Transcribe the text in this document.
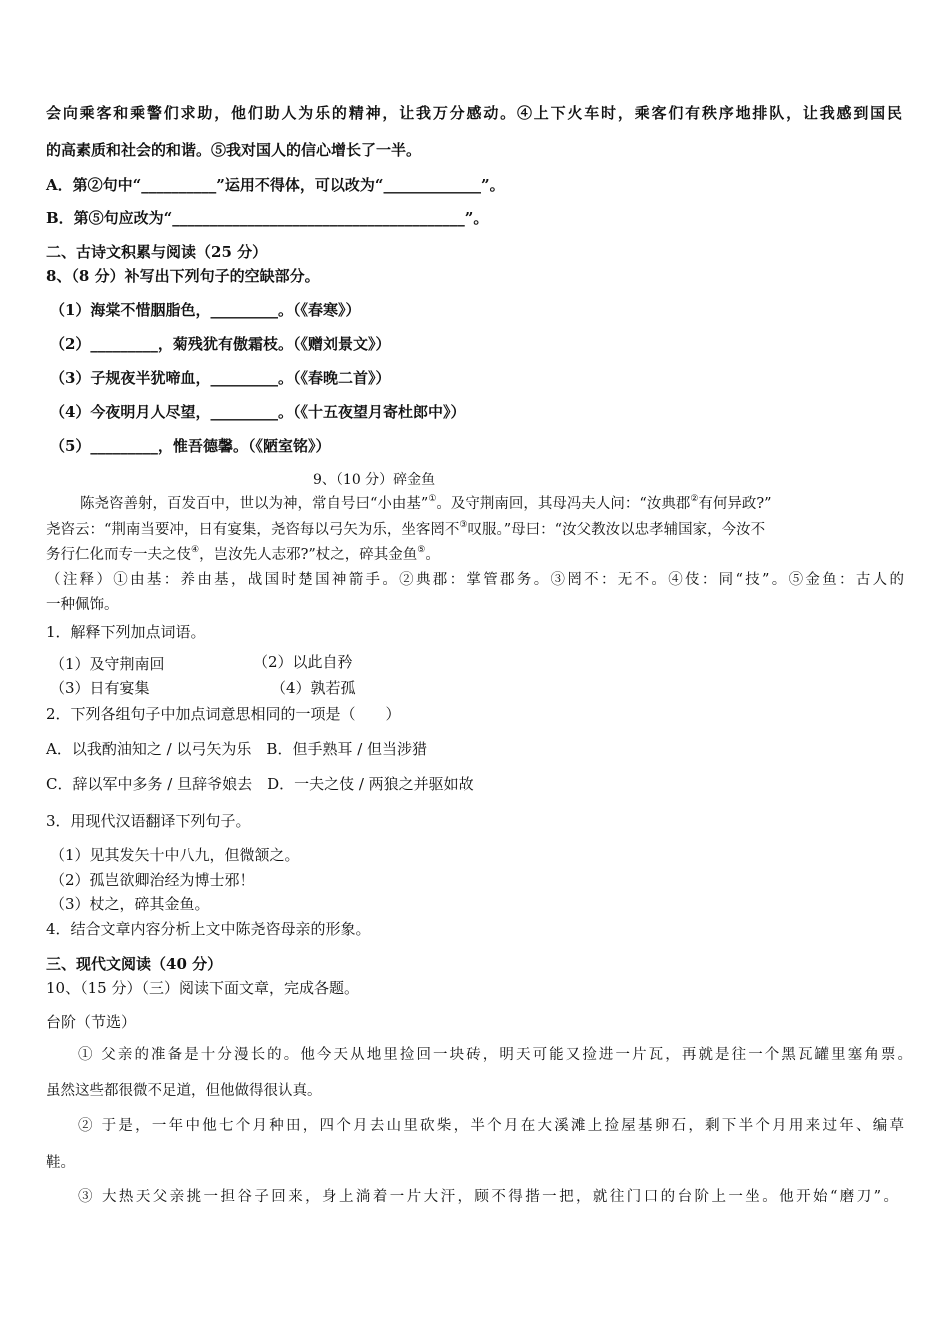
会向乘客和乘警们求助，他们助人为乐的精神，让我万分感动。④上下火车时，乘客们有秩序地排队，让我感到国民
的高素质和社会的和谐。⑤我对国人的信心增长了一半。
A．第②句中“__________”运用不得体，可以改为“_____________”。
B．第⑤句应改为“_______________________________________”。
二、古诗文积累与阅读（25 分）
8、（8 分）补写出下列句子的空缺部分。
（1）海棠不惜胭脂色，_________。（《春寒》）
（2）_________，菊残犹有傲霜枝。（《赠刘景文》）
（3）子规夜半犹啼血，_________。（《春晚二首》）
（4）今夜明月人尽望，_________。（《十五夜望月寄杜郎中》）
（5）_________，惟吾德馨。（《陋室铭》）
9、（10 分）碎金鱼
陈尧咨善射，百发百中，世以为神，常自号曰“小由基”①。及守荆南回，其母冯夫人问：“汝典郡②有何异政?”
尧咨云：“荆南当要冲，日有宴集，尧咨每以弓矢为乐，坐客罔不③叹服。”母曰：“汝父教汝以忠孝辅国家，今汝不
务行仁化而专一夫之伎④，岂汝先人志邪?”杖之，碎其金鱼⑤。
（注释）①由基：养由基，战国时楚国神箭手。②典郡：掌管郡务。③罔不：无不。④伎：同“技”。⑤金鱼：古人的
一种佩饰。
1．解释下列加点词语。
（1）及守荆南回	（2）以此自矜
（3）日有宴集	（4）孰若孤
2．下列各组句子中加点词意思相同的一项是（　　）
A．以我酌油知之 / 以弓矢为乐　B．但手熟耳 / 但当涉猎
C．辞以军中多务 / 旦辞爷娘去　D．一夫之伎 / 两狼之并驱如故
3．用现代汉语翻译下列句子。
（1）见其发矢十中八九，但微颔之。
（2）孤岂欲卿治经为博士邪！
（3）杖之，碎其金鱼。
4．结合文章内容分析上文中陈尧咨母亲的形象。
三、现代文阅读（40 分）
10、（15 分）（三）阅读下面文章，完成各题。
台阶（节选）
① 父亲的准备是十分漫长的。他今天从地里捡回一块砖，明天可能又捡进一片瓦，再就是往一个黑瓦罐里塞角票。
虽然这些都很微不足道，但他做得很认真。
② 于是，一年中他七个月种田，四个月去山里砍柴，半个月在大溪滩上捡屋基卵石，剩下半个月用来过年、编草
鞋。
③ 大热天父亲挑一担谷子回来，身上淌着一片大汗，顾不得揩一把，就往门口的台阶上一坐。他开始“磨刀”。
